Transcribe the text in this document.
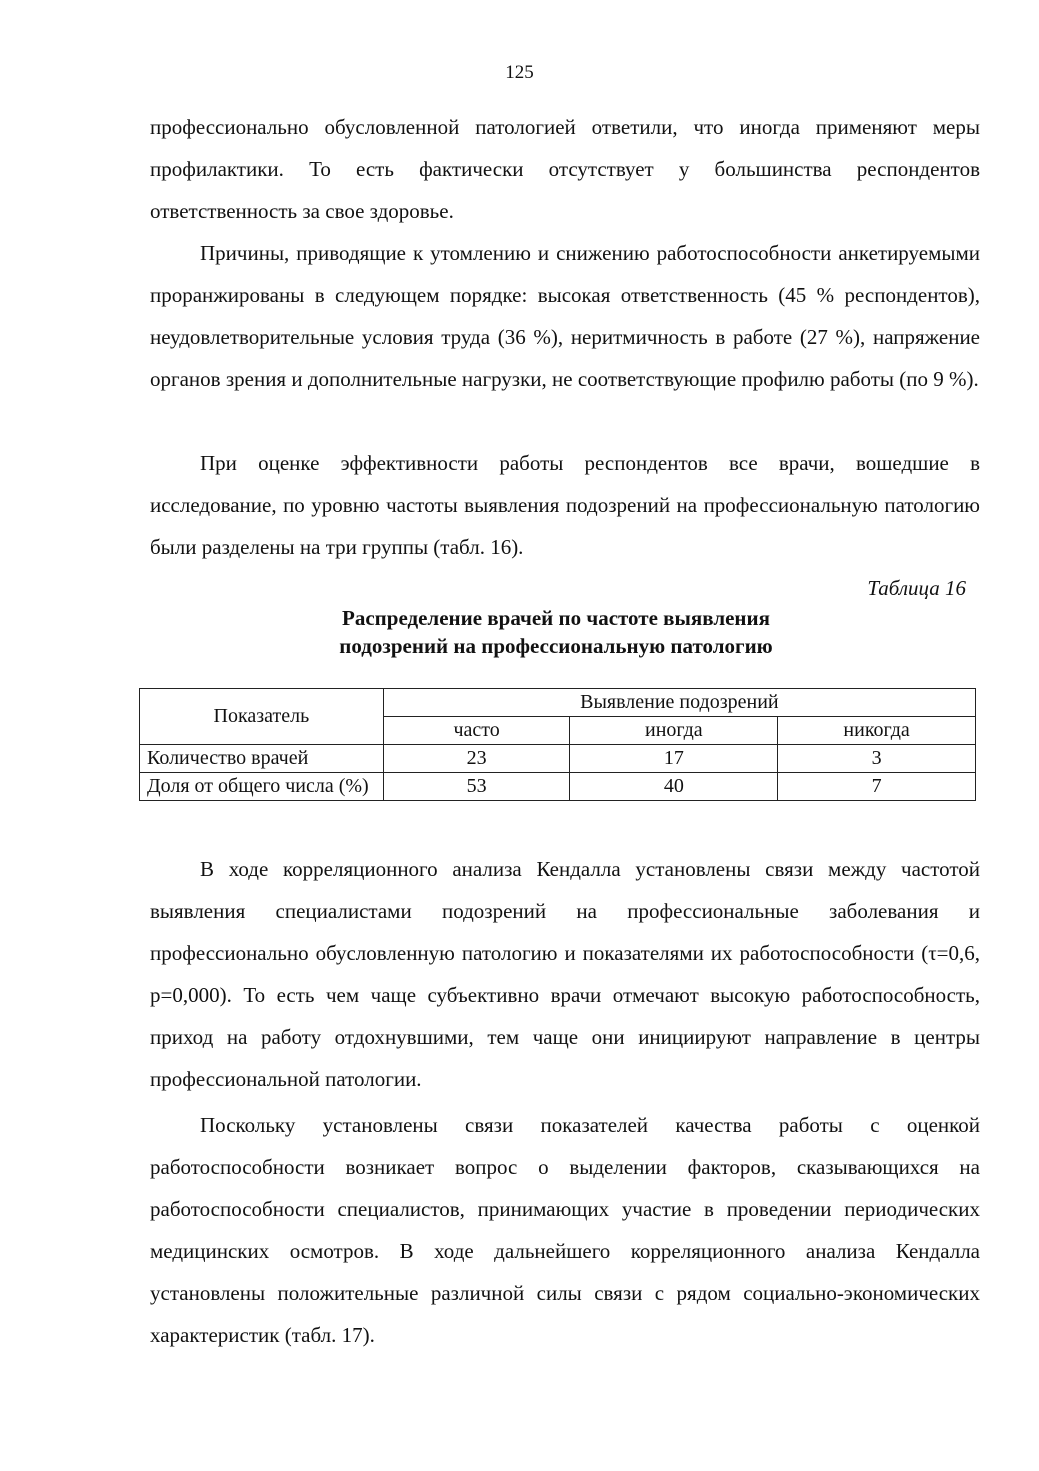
125

профессионально обусловленной патологией ответили, что иногда применяют меры профилактики. То есть фактически отсутствует у большинства респондентов ответственность за свое здоровье.

Причины, приводящие к утомлению и снижению работоспособности анкетируемыми проранжированы в следующем порядке: высокая ответственность (45 % респондентов), неудовлетворительные условия труда (36 %), неритмичность в работе (27 %), напряжение органов зрения и дополнительные нагрузки, не соответствующие профилю работы (по 9 %).

При оценке эффективности работы респондентов все врачи, вошедшие в исследование, по уровню частоты выявления подозрений на профессиональную патологию были разделены на три группы (табл. 16).

Таблица 16
Распределение врачей по частоте выявления
подозрений на профессиональную патологию
Показатель	Выявление подозрений		
	часто	иногда	никогда
Количество врачей	23	17	3
Доля от общего числа (%)	53	40	7

В ходе корреляционного анализа Кендалла установлены связи между частотой выявления специалистами подозрений на профессиональные заболевания и профессионально обусловленную патологию и показателями их работоспособности (τ=0,6, p=0,000). То есть чем чаще субъективно врачи отмечают высокую работоспособность, приход на работу отдохнувшими, тем чаще они инициируют направление в центры профессиональной патологии.

Поскольку установлены связи показателей качества работы с оценкой работоспособности возникает вопрос о выделении факторов, сказывающихся на работоспособности специалистов, принимающих участие в проведении периодических медицинских осмотров. В ходе дальнейшего корреляционного анализа Кендалла установлены положительные различной силы связи с рядом социально-экономических характеристик (табл. 17).
